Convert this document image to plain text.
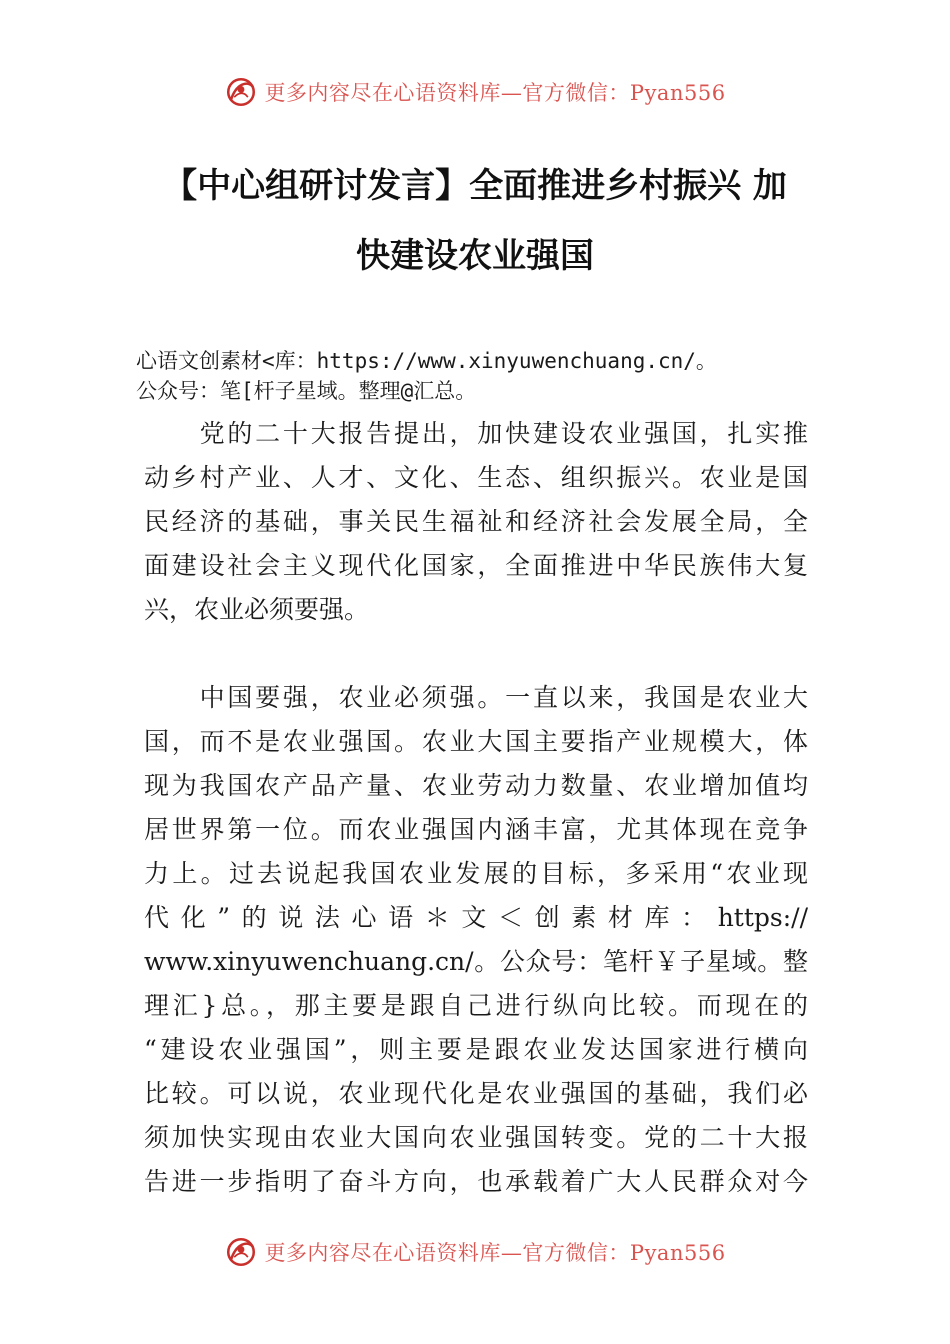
更多内容尽在心语资料库—官方微信：Pyan556
【中心组研讨发言】全面推进乡村振兴 加
快建设农业强国
心语文创素材<库：https://www.xinyuwenchuang.cn/。
公众号：笔[杆子星域。整理@汇总。
　　党的二十大报告提出，加快建设农业强国，扎实推
动乡村产业、人才、文化、生态、组织振兴。农业是国
民经济的基础，事关民生福祉和经济社会发展全局，全
面建设社会主义现代化国家，全面推进中华民族伟大复
兴，农业必须要强。
　　中国要强，农业必须强。一直以来，我国是农业大
国，而不是农业强国。农业大国主要指产业规模大，体
现为我国农产品产量、农业劳动力数量、农业增加值均
居世界第一位。而农业强国内涵丰富，尤其体现在竞争
力上。过去说起我国农业发展的目标，多采用“农业现
代化”的说法心语＊文＜创素材库：https://
www.xinyuwenchuang.cn/。公众号：笔杆￥子星域。整
理汇}总。，那主要是跟自己进行纵向比较。而现在的
“建设农业强国”，则主要是跟农业发达国家进行横向
比较。可以说，农业现代化是农业强国的基础，我们必
须加快实现由农业大国向农业强国转变。党的二十大报
告进一步指明了奋斗方向，也承载着广大人民群众对今
更多内容尽在心语资料库—官方微信：Pyan556
